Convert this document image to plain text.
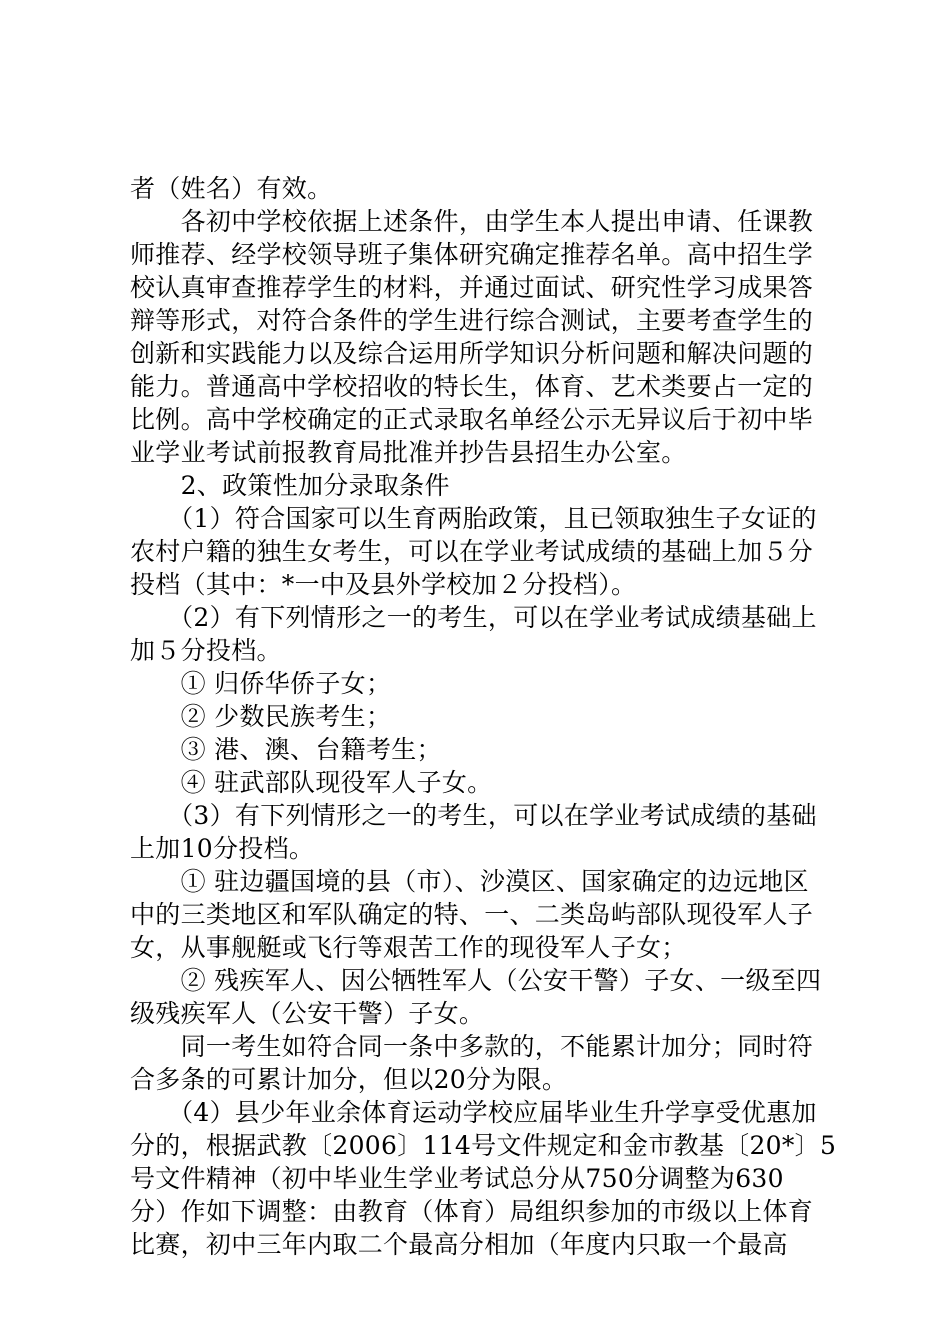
者（姓名）有效。
　　各初中学校依据上述条件，由学生本人提出申请、任课教
师推荐、经学校领导班子集体研究确定推荐名单。高中招生学
校认真审查推荐学生的材料，并通过面试、研究性学习成果答
辩等形式，对符合条件的学生进行综合测试，主要考查学生的
创新和实践能力以及综合运用所学知识分析问题和解决问题的
能力。普通高中学校招收的特长生，体育、艺术类要占一定的
比例。高中学校确定的正式录取名单经公示无异议后于初中毕
业学业考试前报教育局批准并抄告县招生办公室。
　　2、政策性加分录取条件
　　（1）符合国家可以生育两胎政策，且已领取独生子女证的
农村户籍的独生女考生，可以在学业考试成绩的基础上加５分
投档（其中：*一中及县外学校加２分投档）。
　　（2）有下列情形之一的考生，可以在学业考试成绩基础上
加５分投档。
　　① 归侨华侨子女；
　　② 少数民族考生；
　　③ 港、澳、台籍考生；
　　④ 驻武部队现役军人子女。
　　（3）有下列情形之一的考生，可以在学业考试成绩的基础
上加10分投档。
　　① 驻边疆国境的县（市）、沙漠区、国家确定的边远地区
中的三类地区和军队确定的特、一、二类岛屿部队现役军人子
女，从事舰艇或飞行等艰苦工作的现役军人子女；
　　② 残疾军人、因公牺牲军人（公安干警）子女、一级至四
级残疾军人（公安干警）子女。
　　同一考生如符合同一条中多款的，不能累计加分；同时符
合多条的可累计加分，但以20分为限。
　　（4）县少年业余体育运动学校应届毕业生升学享受优惠加
分的，根据武教〔2006〕114号文件规定和金市教基〔20*〕5
号文件精神（初中毕业生学业考试总分从750分调整为630
分）作如下调整：由教育（体育）局组织参加的市级以上体育
比赛，初中三年内取二个最高分相加（年度内只取一个最高
